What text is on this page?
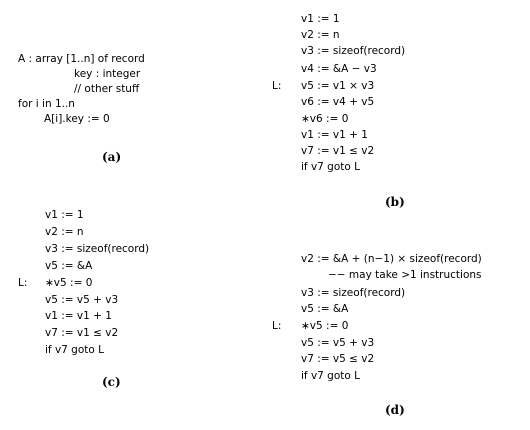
A : array [1..n] of record
key : integer
// other stuff
for i in 1..n
A[i].key := 0
(a)
L:
v1 := 1
v2 := n
v3 := sizeof(record)
v4 := &A − v3
v5 := v1 × v3
v6 := v4 + v5
∗v6 := 0
v1 := v1 + 1
v7 := v1 ≤ v2
if v7 goto L
(b)
L:
v1 := 1
v2 := n
v3 := sizeof(record)
v5 := &A
∗v5 := 0
v5 := v5 + v3
v1 := v1 + 1
v7 := v1 ≤ v2
if v7 goto L
(c)
L:
v2 := &A + (n−1) × sizeof(record)
−− may take >1 instructions
v3 := sizeof(record)
v5 := &A
∗v5 := 0
v5 := v5 + v3
v7 := v5 ≤ v2
if v7 goto L
(d)
